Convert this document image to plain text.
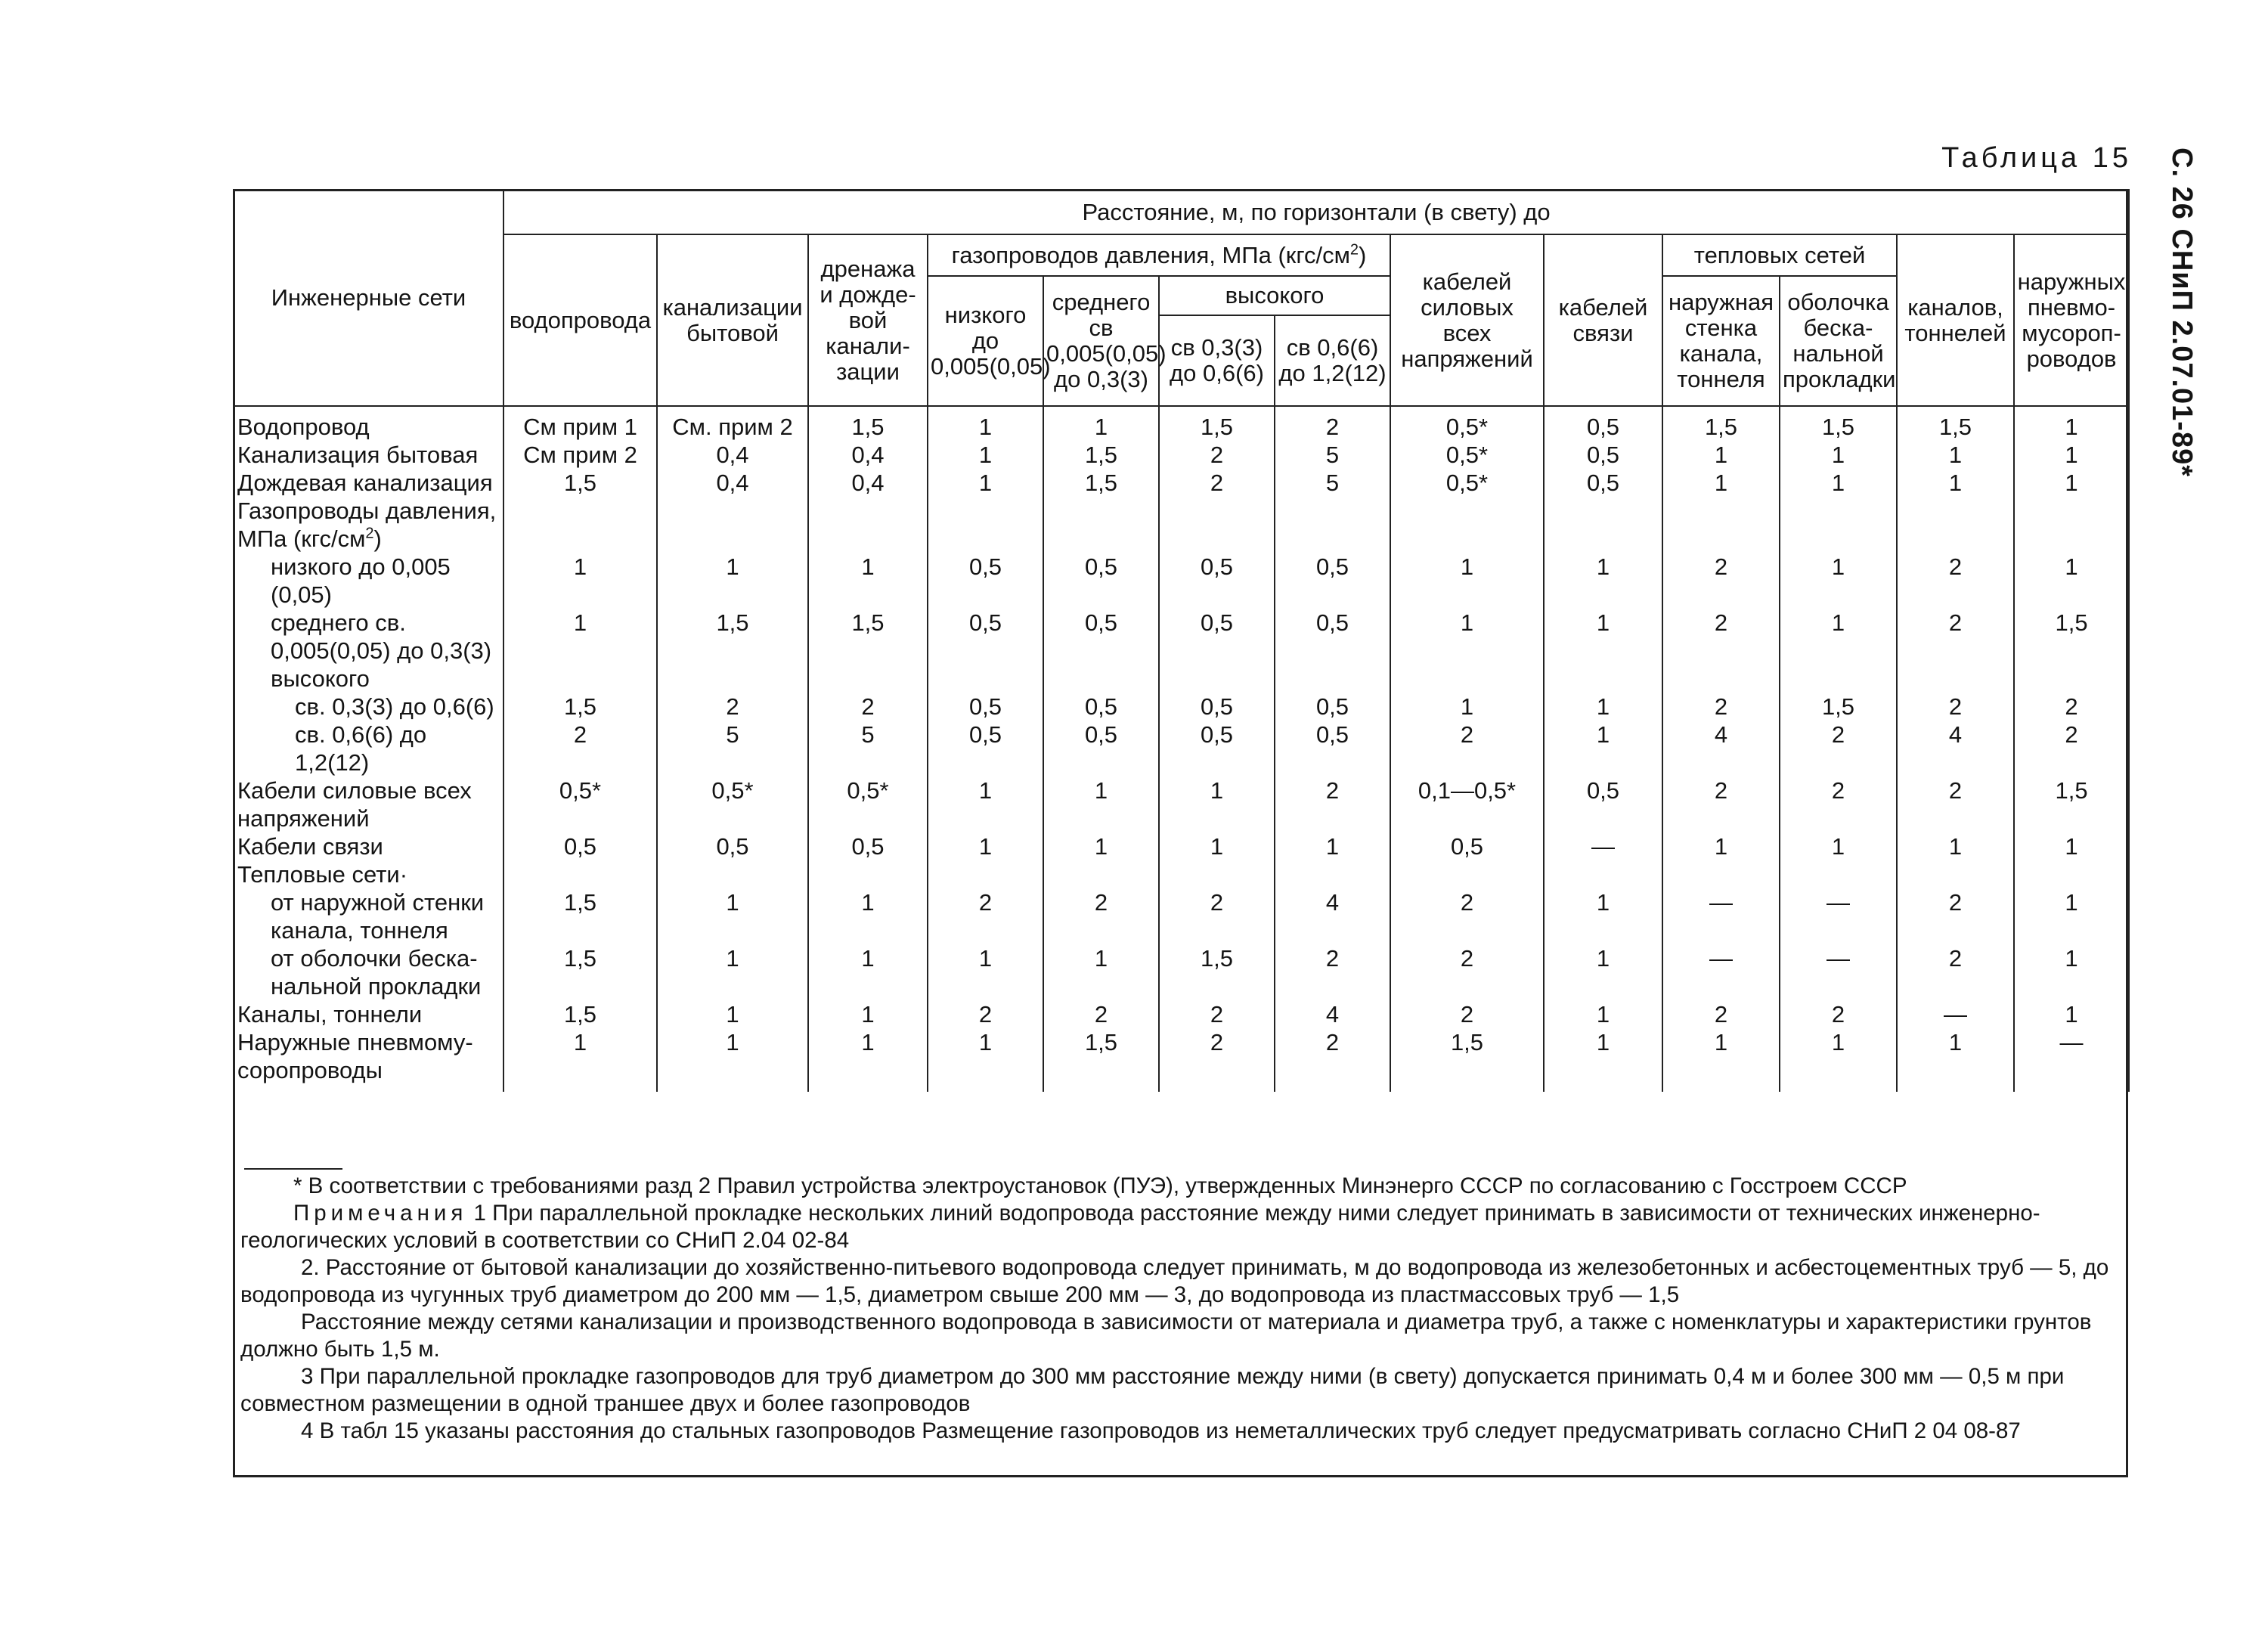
С. 26 СНиП 2.07.01-89*
Таблица 15
Инженерные сети	Расстояние, м, по горизонтали (в свету) до												
	водопровода	канализации бытовой	дренажа и дождевой канализации	газопроводов давления, МПа $(кгс/см^2)$				кабелей силовых всех напряжений	кабелей связи	тепловых сетей		каналов, тоннелей	наружных пневмомусоропроводов
				низкого до 0,005(0,05)	среднего св 0,005(0,05) до 0,3(3)	высокого				наружная стенка канала, тоннеля	оболочка бесканальной прокладки		
						св 0,3(3) до 0,6(6)	св 0,6(6) до 1,2(12)						
Водопровод	См прим 1	См. прим 2	1,5	1	1	1,5	2	0,5*	0,5	1,5	1,5	1,5	1
Канализация бытовая	См прим 2	0,4	0,4	1	1,5	2	5	0,5*	0,5	1	1	1	1
Дождевая канализация	1,5	0,4	0,4	1	1,5	2	5	0,5*	0,5	1	1	1	1
Газопроводы давления, МПа $(кгс/см^2)$													
низкого до 0,005 (0,05)	1	1	1	0,5	0,5	0,5	0,5	1	1	2	1	2	1
среднего св. 0,005(0,05) до 0,3(3)	1	1,5	1,5	0,5	0,5	0,5	0,5	1	1	2	1	2	1,5
высокого													
св. 0,3(3) до 0,6(6)	1,5	2	2	0,5	0,5	0,5	0,5	1	1	2	1,5	2	2
св. 0,6(6) до 1,2(12)	2	5	5	0,5	0,5	0,5	0,5	2	1	4	2	4	2
Кабели силовые всех напряжений	0,5*	0,5*	0,5*	1	1	1	2	0,1—0,5*	0,5	2	2	2	1,5
Кабели связи	0,5	0,5	0,5	1	1	1	1	0,5	—	1	1	1	1
Тепловые сети·													
от наружной стенки канала, тоннеля	1,5	1	1	2	2	2	4	2	1	—	—	2	1
от оболочки бесканальной прокладки	1,5	1	1	1	1	1,5	2	2	1	—	—	2	1
Каналы, тоннели	1,5	1	1	2	2	2	4	2	1	2	2	—	1
Наружные пневмомусоропроводы	1	1	1	1	1,5	2	2	1,5	1	1	1	1	—

* В соответствии с требованиями разд 2 Правил устройства электроустановок (ПУЭ), утвержденных Минэнерго СССР по согласованию с Госстроем СССР

Примечания 1 При параллельной прокладке нескольких линий водопровода расстояние между ними следует принимать в зависимости от технических инженерно-геологических условий в соответствии со СНиП 2.04 02-84

2. Расстояние от бытовой канализации до хозяйственно-питьевого водопровода следует принимать, м до водопровода из железобетонных и асбестоцементных труб — 5, до водопровода из чугунных труб диаметром до 200 мм — 1,5, диаметром свыше 200 мм — 3, до водопровода из пластмассовых труб — 1,5

Расстояние между сетями канализации и производственного водопровода в зависимости от материала и диаметра труб, а также с номенклатуры и характеристики грунтов должно быть 1,5 м.

3 При параллельной прокладке газопроводов для труб диаметром до 300 мм расстояние между ними (в свету) допускается принимать 0,4 м и более 300 мм — 0,5 м при совместном размещении в одной траншее двух и более газопроводов

4 В табл 15 указаны расстояния до стальных газопроводов Размещение газопроводов из неметаллических труб следует предусматривать согласно СНиП 2 04 08-87
